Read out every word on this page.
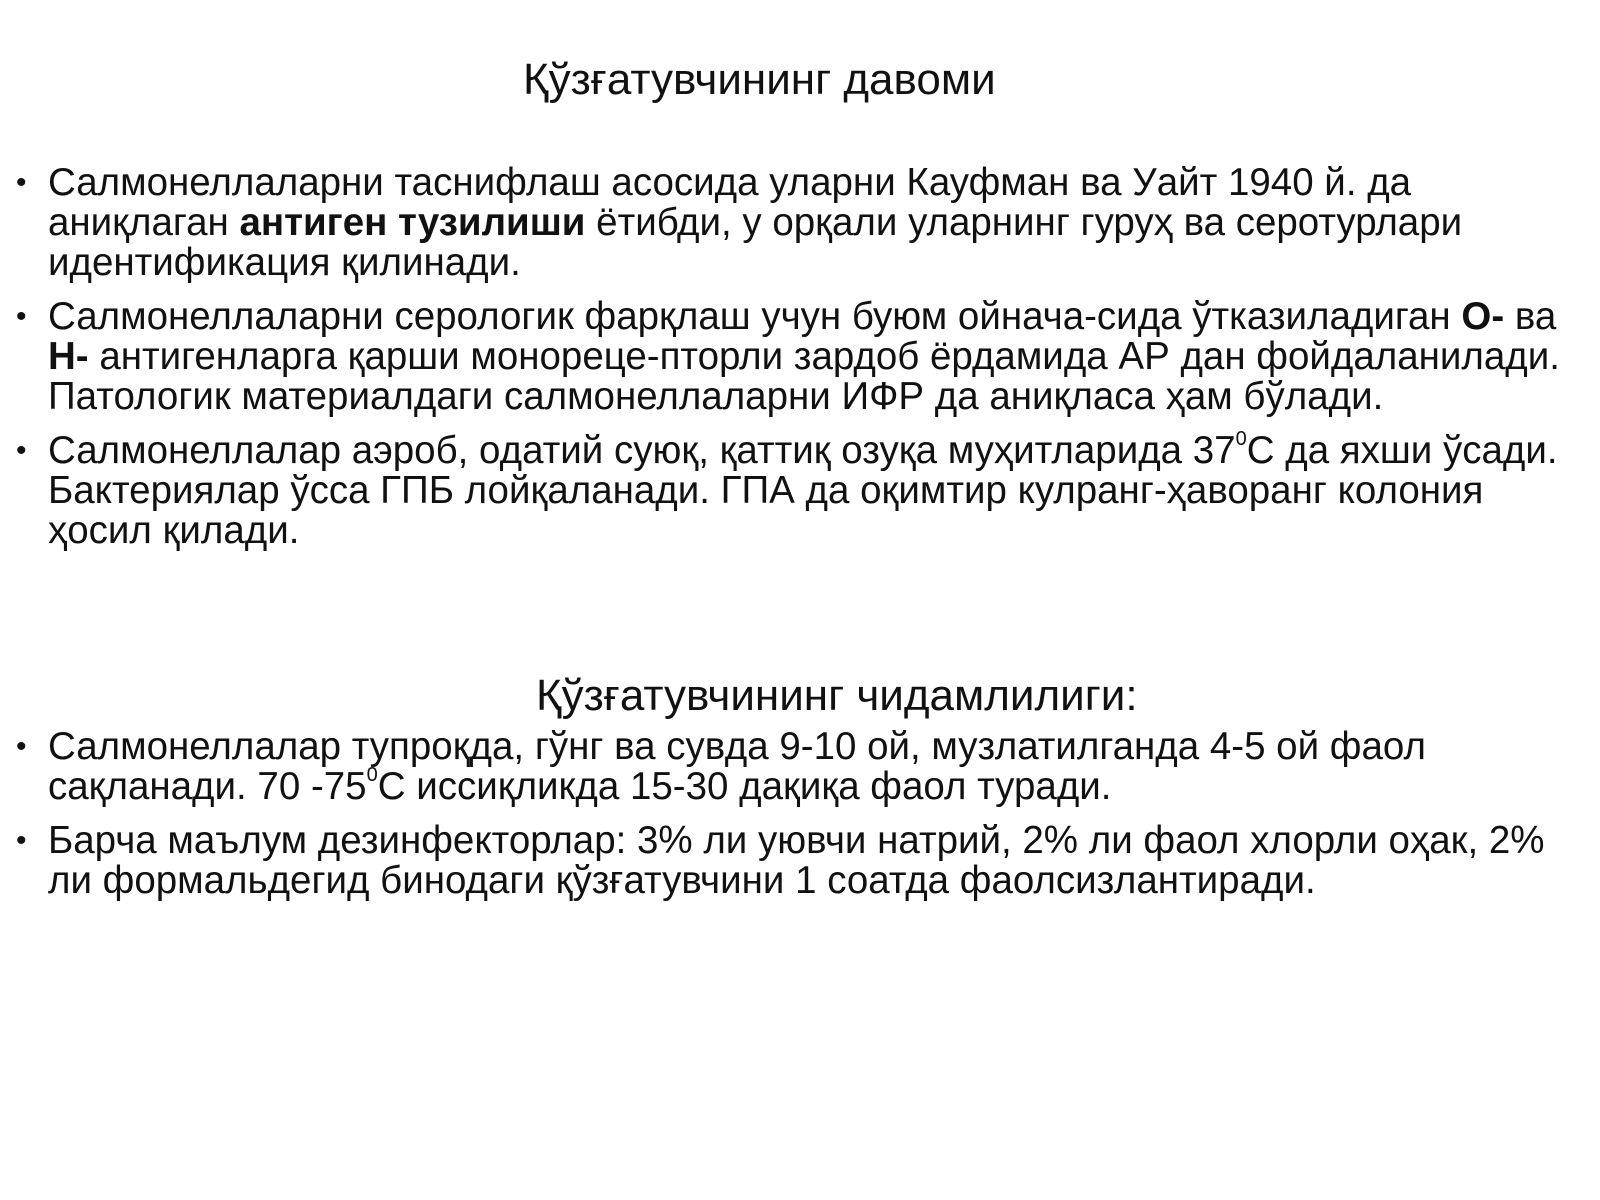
Қўзғатувчининг давоми
• Салмонеллаларни таснифлаш асосида уларни Кауфман ва Уайт 1940 й. да аниқлаган антиген тузилиши ётибди, у орқали уларнинг гуруҳ ва серотурлари идентификация қилинади.
• Салмонеллаларни серологик фарқлаш учун буюм ойнача-сида ўтказиладиган О- ва Н- антигенларга қарши монореце-пторли зардоб ёрдамида АР дан фойдаланилади. Патологик материалдаги салмонеллаларни ИФР да аниқласа ҳам бўлади.
• Салмонеллалар аэроб, одатий суюқ, қаттиқ озуқа муҳитларида $37^0С$ да яхши ўсади. Бактериялар ўсса ГПБ лойқаланади. ГПА да оқимтир кулранг-ҳаворанг колония ҳосил қилади.
Қўзғатувчининг чидамлилиги:
• Салмонеллалар тупроқда, гўнг ва сувда 9-10 ой, музлатилганда 4-5 ой фаол сақланади. 70 $-75^0С$ иссиқликда 15-30 дақиқа фаол туради.
• Барча маълум дезинфекторлар: 3% ли уювчи натрий, 2% ли фаол хлорли оҳак, 2% ли формальдегид бинодаги қўзғатувчини 1 соатда фаолсизлантиради.
